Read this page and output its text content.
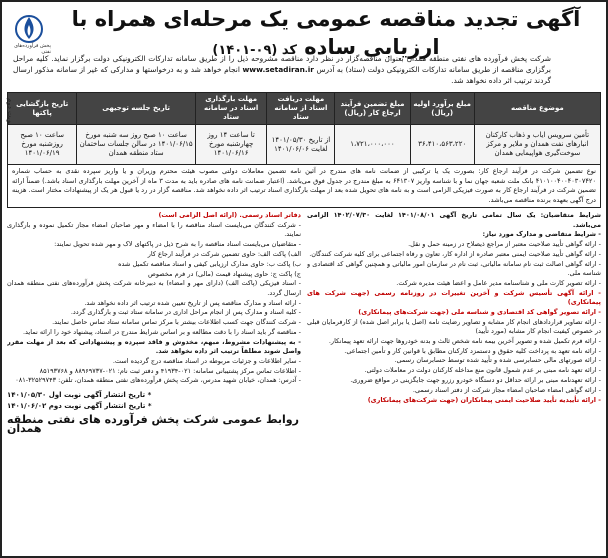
نوبت دوم
آگهی تجدید مناقصه عمومی یک مرحله‌ای همراه با ارزیابی ساده کد (۰۹-۱۴۰۱)
پخش فرآورده‌های نفتی
شرکت پخش فرآورده های نفتی منطقه همدان بعنوان مناقصه‌گزار در نظر دارد مناقصه مشروحه ذیل را از طریق سامانه تدارکات الکترونیکی دولت برگزار نماید. کلیه مراحل برگزاری مناقصه از طریق سامانه تدارکات الکترونیکی دولت (ستاد) به آدرس www.setadiran.ir انجام خواهد شد و به درخواستها و مدارکی که غیر از سامانه مذکور ارسال گردند ترتیب اثر داده نخواهد شد.
موضوع مناقصه	مبلغ برآورد اولیه (ریال)	مبلغ تضمین فرآیند ارجاع کار (ریال)	مهلت دریافت اسناد از سامانه ستاد	مهلت بارگذاری اسناد در سامانه ستاد	تاریخ جلسه توجیهی	تاریخ بازگشایی پاکتها
تأمین سرویس ایاب و ذهاب کارکنان انبارهای نفت همدان و ملایر و مرکز سوخت‌گیری هواپیمایی همدان	۳۶،۴۱۰،۵۶۳،۲۲۰	۱،۷۲۱،۰۰۰،۰۰۰	از تاریخ ۱۴۰۱/۰۵/۳۰ لغایت ۱۴۰۱/۰۶/۰۶	تا ساعت ۱۴ روز چهارشنبه مورخ ۱۴۰۱/۰۶/۱۶	ساعت ۱۰ صبح روز سه شنبه مورخ ۱۴۰۱/۰۶/۱۵ در سالن جلسات ساختمان ستاد منطقه همدان	ساعت ۱۰ صبح روزشنبه مورخ ۱۴۰۱/۰۶/۱۹
نوع تضمین شرکت در فرآیند ارجاع کار: بصورت یک یا ترکیبی از ضمانت نامه های مندرج در آئین نامه تضمین معاملات دولتی مصوب هیئت محترم وزیران و یا واریز سپرده نقدی به حساب شماره ۴۱۰۱۰۰۴۰۰۴۰۳۰۷۴۲۰ بانک ملت شعبه جهان نما و با شناسه واریز ۶۴۱۳۰۷ به مبلغ مندرج در جدول فوق می‌باشد. (اعتبار ضمانت نامه های صادره باید به مدت ۳ ماه از آخرین مهلت بارگذاری اسناد باشد.) ضمناً ارائه تضمین شرکت در فرآیند ارجاع کار به صورت فیزیکی الزامی است و به نامه های تحویل شده بعد از مهلت بارگذاری اسناد ترتیب اثر داده نخواهد شد. مناقصه گزار در رد یا قبول هر یک از پیشنهادات مختار است. هزینه درج آگهی بعهده برنده مناقصه می‌باشد.

شرایط متقاضیان: یک سال تمامی تاریخ آگهی ۱۴۰۱/۰۸/۰۱ لغایت ۱۴۰۲/۰۷/۳۰ الزامی می‌باشد.

- شرایط متقاضی و مدارک مورد نیاز:

- ارائه گواهی تأیید صلاحیت معتبر از مراجع ذیصلاح در زمینه حمل و نقل.

- ارائه گواهی تأیید صلاحیت ایمنی معتبر صادره از اداره کار، تعاون و رفاه اجتماعی برای کلیه شرکت کنندگان.

- ارائه گواهی اصالت ثبت نام سامانه مالیاتی، ثبت نام در سازمان امور مالیاتی و همچنین گواهی کد اقتصادی و شناسه ملی.

- ارائه تصویر کارت ملی و شناسنامه مدیر عامل و اعضا هیئت مدیره شرکت.

- ارائه آگهی تأسیس شرکت و آخرین تغییرات در روزنامه رسمی (جهت شرکت های پیمانکاری)

- ارائه تصویر گواهی کد اقتصادی و شناسه ملی (جهت شرکت‌های پیمانکاری)

- ارائه تصاویر قراردادهای انجام کار مشابه و تصاویر رضایت نامه (اصل یا برابر اصل شده) از کارفرمایان قبلی در خصوص کیفیت انجام کار مشابه (مورد تأیید)

- ارائه فرم تکمیل شده و تصویر آخرین بیمه نامه شخص ثالث و بدنه خودروها جهت ارائه تعهد پیمانکار.

- ارائه نامه تعهد به پرداخت کلیه حقوق و دستمزد کارکنان مطابق با قوانین کار و تأمین اجتماعی.

- ارائه صورتهای مالی حسابرسی شده و تأیید شده توسط حسابرسان رسمی.

- ارائه تعهد نامه مبنی بر عدم شمول قانون منع مداخله کارکنان دولت در معاملات دولتی.

- ارائه تعهدنامه مبنی بر ارائه حداقل دو دستگاه خودرو رزرو جهت جایگزینی در مواقع ضروری.

- ارائه گواهی امضاء صاحبان امضاء مجاز شرکت از دفتر اسناد رسمی.

- ارائه تأییدیه تأیید صلاحیت ایمنی پیمانکاران (جهت شرکت‌های پیمانکاری)

دفاتر اسناد رسمی. (ارائه اصل الزامی است)

- شرکت کنندگان می‌بایست اسناد مناقصه را با امضاء و مهر صاحبان امضاء مجاز تکمیل نموده و بارگذاری نمایند.

- متقاضیان می‌بایست اسناد مناقصه را به شرح ذیل در پاکتهای لاک و مهر شده تحویل نمایند:

الف) پاکت الف: حاوی تضمین شرکت در فرآیند ارجاع کار

ب) پاکت ب: حاوی مدارک ارزیابی کیفی و اسناد مناقصه تکمیل شده

ج) پاکت ج: حاوی پیشنهاد قیمت (مالی) در فرم مخصوص

- اسناد فیزیکی (پاکت الف) (دارای مهر و امضاء) به دبیرخانه شرکت پخش فرآورده‌های نفتی منطقه همدان ارسال گردد.

- ارائه اسناد و مدارک مناقصه پس از تاریخ تعیین شده ترتیب اثر داده نخواهد شد.

- کلیه اسناد و مدارک پس از انجام مراحل اداری در سامانه ستاد ثبت و بارگذاری گردد.

- شرکت کنندگان جهت کسب اطلاعات بیشتر با مرکز تماس سامانه ستاد تماس حاصل نمایند.

- مناقصه گر باید اسناد را با دقت مطالعه و بر اساس شرایط مندرج در اسناد، پیشنهاد خود را ارائه نماید.

- به پیشنهادات مشروط، مبهم، مخدوش و فاقد سپرده و پیشنهاداتی که بعد از مهلت مقرر واصل شوند مطلقاً ترتیب اثر داده نخواهد شد.

- سایر اطلاعات و جزئیات مربوطه در اسناد مناقصه درج گردیده است.

- اطلاعات تماس مرکز پشتیبانی سامانه: ۰۲۱-۴۱۹۳۴ و دفتر ثبت نام: ۰۲۱-۸۸۹۶۹۷۳۷ و ۸۵۱۹۳۷۶۸

- آدرس: همدان، خیابان شهید مدرس، شرکت پخش فرآورده‌های نفتی منطقه همدان، تلفن: ۳۲۵۲۹۷۴۳-۰۸۱

* تاریخ انتشار آگهی نوبت اول ۱۴۰۱/۰۵/۳۰
* تاریخ انتشار آگهی نوبت دوم ۱۴۰۱/۰۶/۰۲
روابط عمومی شرکت پخش فرآورده های نفتی منطقه همدان
